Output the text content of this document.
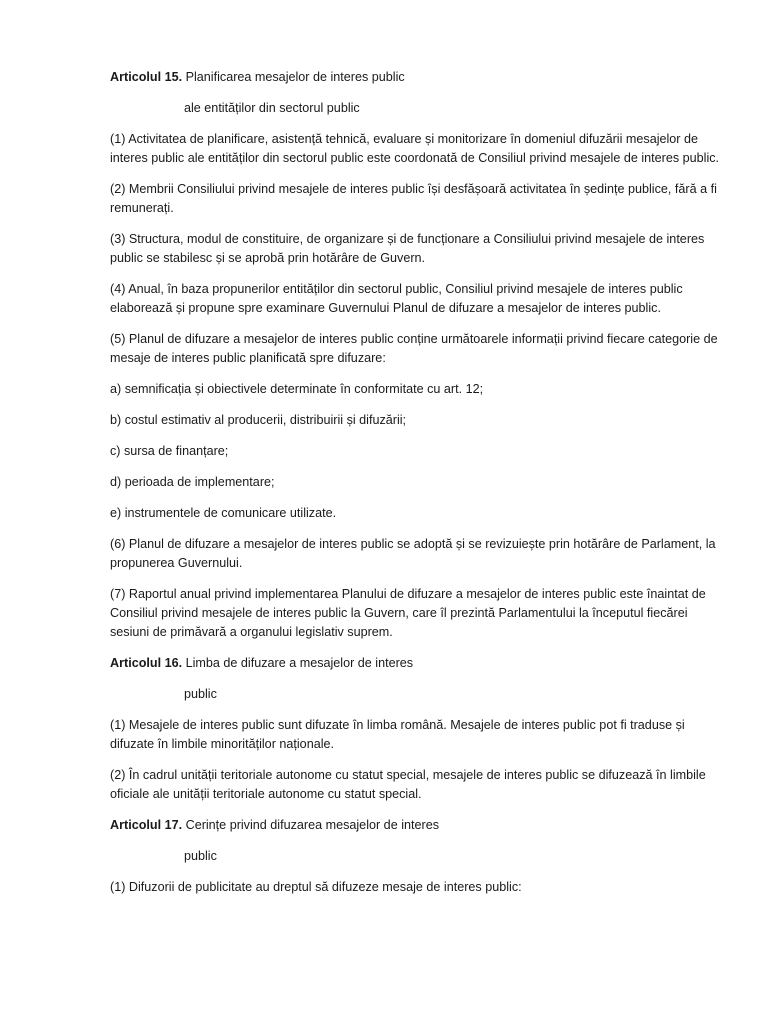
Articolul 15. Planificarea mesajelor de interes public

ale entităților din sectorul public

(1) Activitatea de planificare, asistență tehnică, evaluare și monitorizare în domeniul difuzării mesajelor de interes public ale entităților din sectorul public este coordonată de Consiliul privind mesajele de interes public.

(2) Membrii Consiliului privind mesajele de interes public își desfășoară activitatea în ședințe publice, fără a fi remunerați.

(3) Structura, modul de constituire, de organizare și de funcționare a Consiliului privind mesajele de interes public se stabilesc și se aprobă prin hotărâre de Guvern.

(4) Anual, în baza propunerilor entităților din sectorul public, Consiliul privind mesajele de interes public elaborează și propune spre examinare Guvernului Planul de difuzare a mesajelor de interes public.

(5) Planul de difuzare a mesajelor de interes public conține următoarele informații privind fiecare categorie de mesaje de interes public planificată spre difuzare:

a) semnificația și obiectivele determinate în conformitate cu art. 12;

b) costul estimativ al producerii, distribuirii și difuzării;

c) sursa de finanțare;

d) perioada de implementare;

e) instrumentele de comunicare utilizate.

(6) Planul de difuzare a mesajelor de interes public se adoptă și se revizuiește prin hotărâre de Parlament, la propunerea Guvernului.

(7) Raportul anual privind implementarea Planului de difuzare a mesajelor de interes public este înaintat de Consiliul privind mesajele de interes public la Guvern, care îl prezintă Parlamentului la începutul fiecărei sesiuni de primăvară a organului legislativ suprem.

Articolul 16. Limba de difuzare a mesajelor de interes

public

(1) Mesajele de interes public sunt difuzate în limba română. Mesajele de interes public pot fi traduse și difuzate în limbile minorităților naționale.

(2) În cadrul unității teritoriale autonome cu statut special, mesajele de interes public se difuzează în limbile oficiale ale unității teritoriale autonome cu statut special.

Articolul 17. Cerințe privind difuzarea mesajelor de interes

public

(1) Difuzorii de publicitate au dreptul să difuzeze mesaje de interes public:
